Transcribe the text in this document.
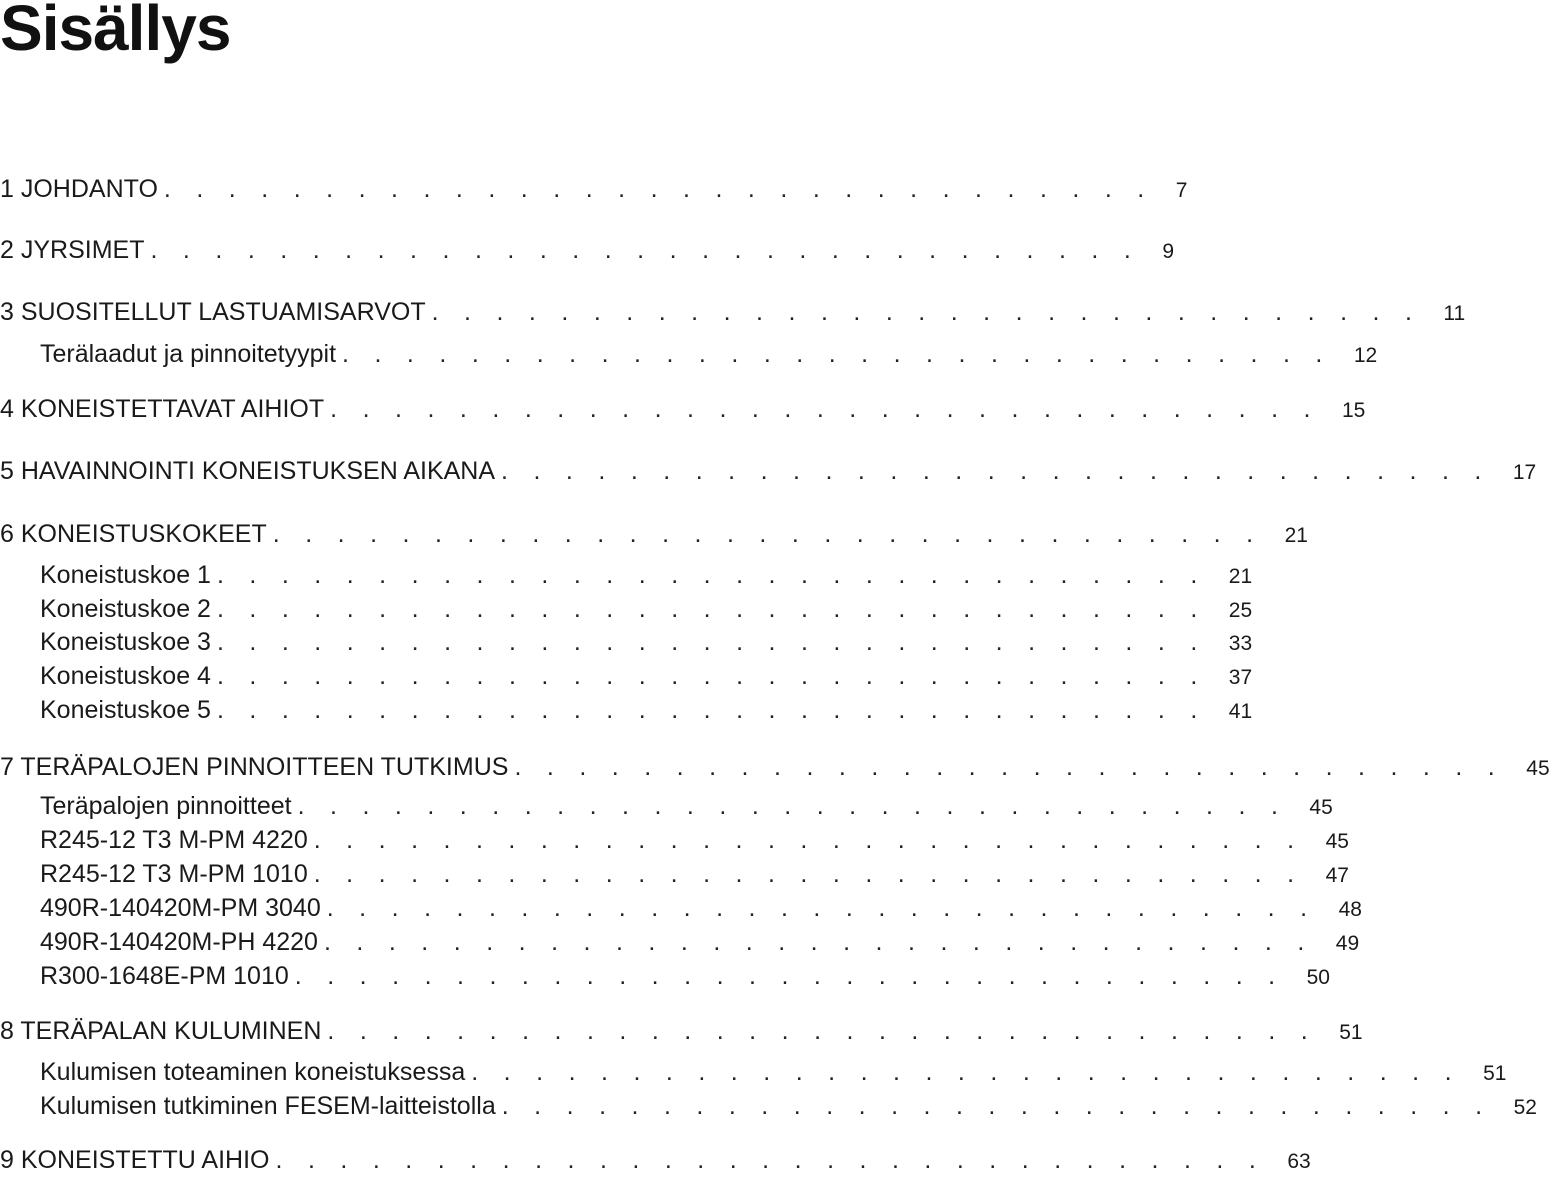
Sisällys
1 JOHDANTO ............................... 7
2 JYRSIMET ............................... 9
3 SUOSITELLUT LASTUAMISARVOT ............................... 11
Terälaadut ja pinnoitetyypit ............................... 12
4 KONEISTETTAVAT AIHIOT ............................... 15
5 HAVAINNOINTI KONEISTUKSEN AIKANA ............................... 17
6 KONEISTUSKOKEET ............................... 21
Koneistuskoe 1 ............................... 21
Koneistuskoe 2 ............................... 25
Koneistuskoe 3 ............................... 33
Koneistuskoe 4 ............................... 37
Koneistuskoe 5 ............................... 41
7 TERÄPALOJEN PINNOITTEEN TUTKIMUS ............................... 45
Teräpalojen pinnoitteet ............................... 45
R245-12 T3 M-PM 4220 ............................... 45
R245-12 T3 M-PM 1010 ............................... 47
490R-140420M-PM 3040 ............................... 48
490R-140420M-PH 4220 ............................... 49
R300-1648E-PM 1010 ............................... 50
8 TERÄPALAN KULUMINEN ............................... 51
Kulumisen toteaminen koneistuksessa ............................... 51
Kulumisen tutkiminen FESEM-laitteistolla ............................... 52
9 KONEISTETTU AIHIO ............................... 63
